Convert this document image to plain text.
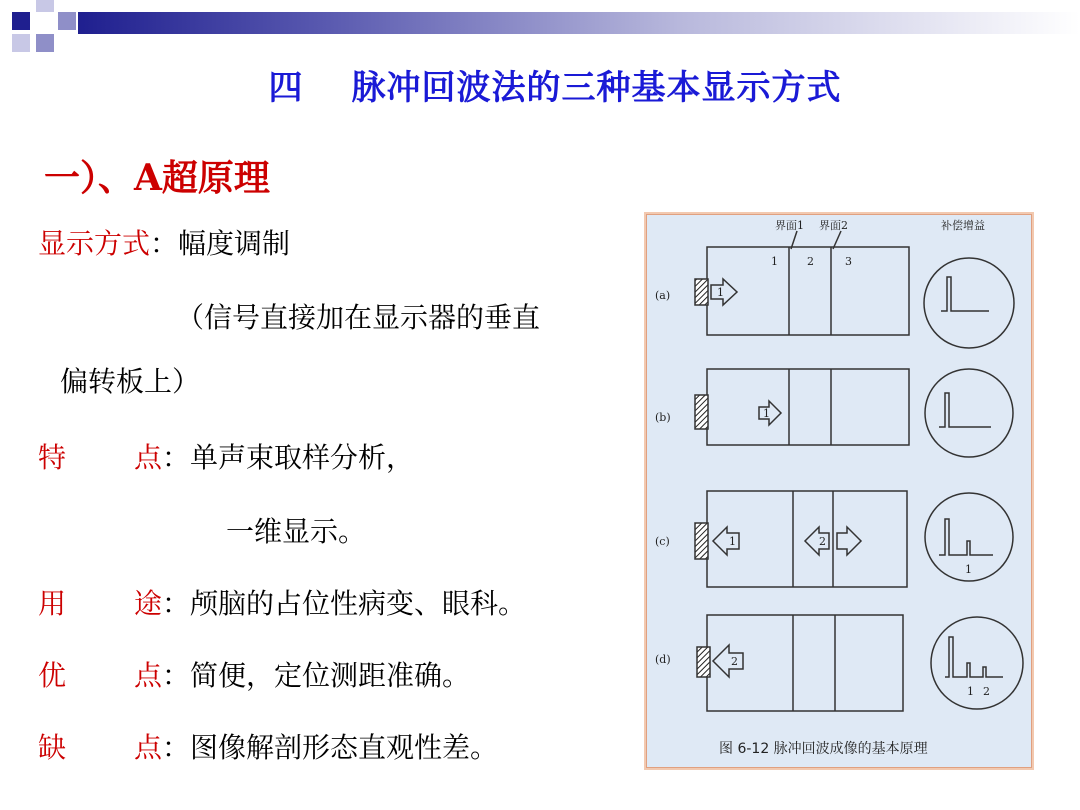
四 脉冲回波法的三种基本显示方式
一）、A超原理
显示方式：幅度调制
（信号直接加在显示器的垂直
偏转板上）
特 点：单声束取样分析，
一维显示。
用 途：颅脑的占位性病变、眼科。
优 点：简便，定位测距准确。
缺 点：图像解剖形态直观性差。
界面1 界面2	补偿增益
1	2	3
(a)	1
(b)	1
(c)	1	2
1
(d)	2
1 2
图 6-12 脉冲回波成像的基本原理
